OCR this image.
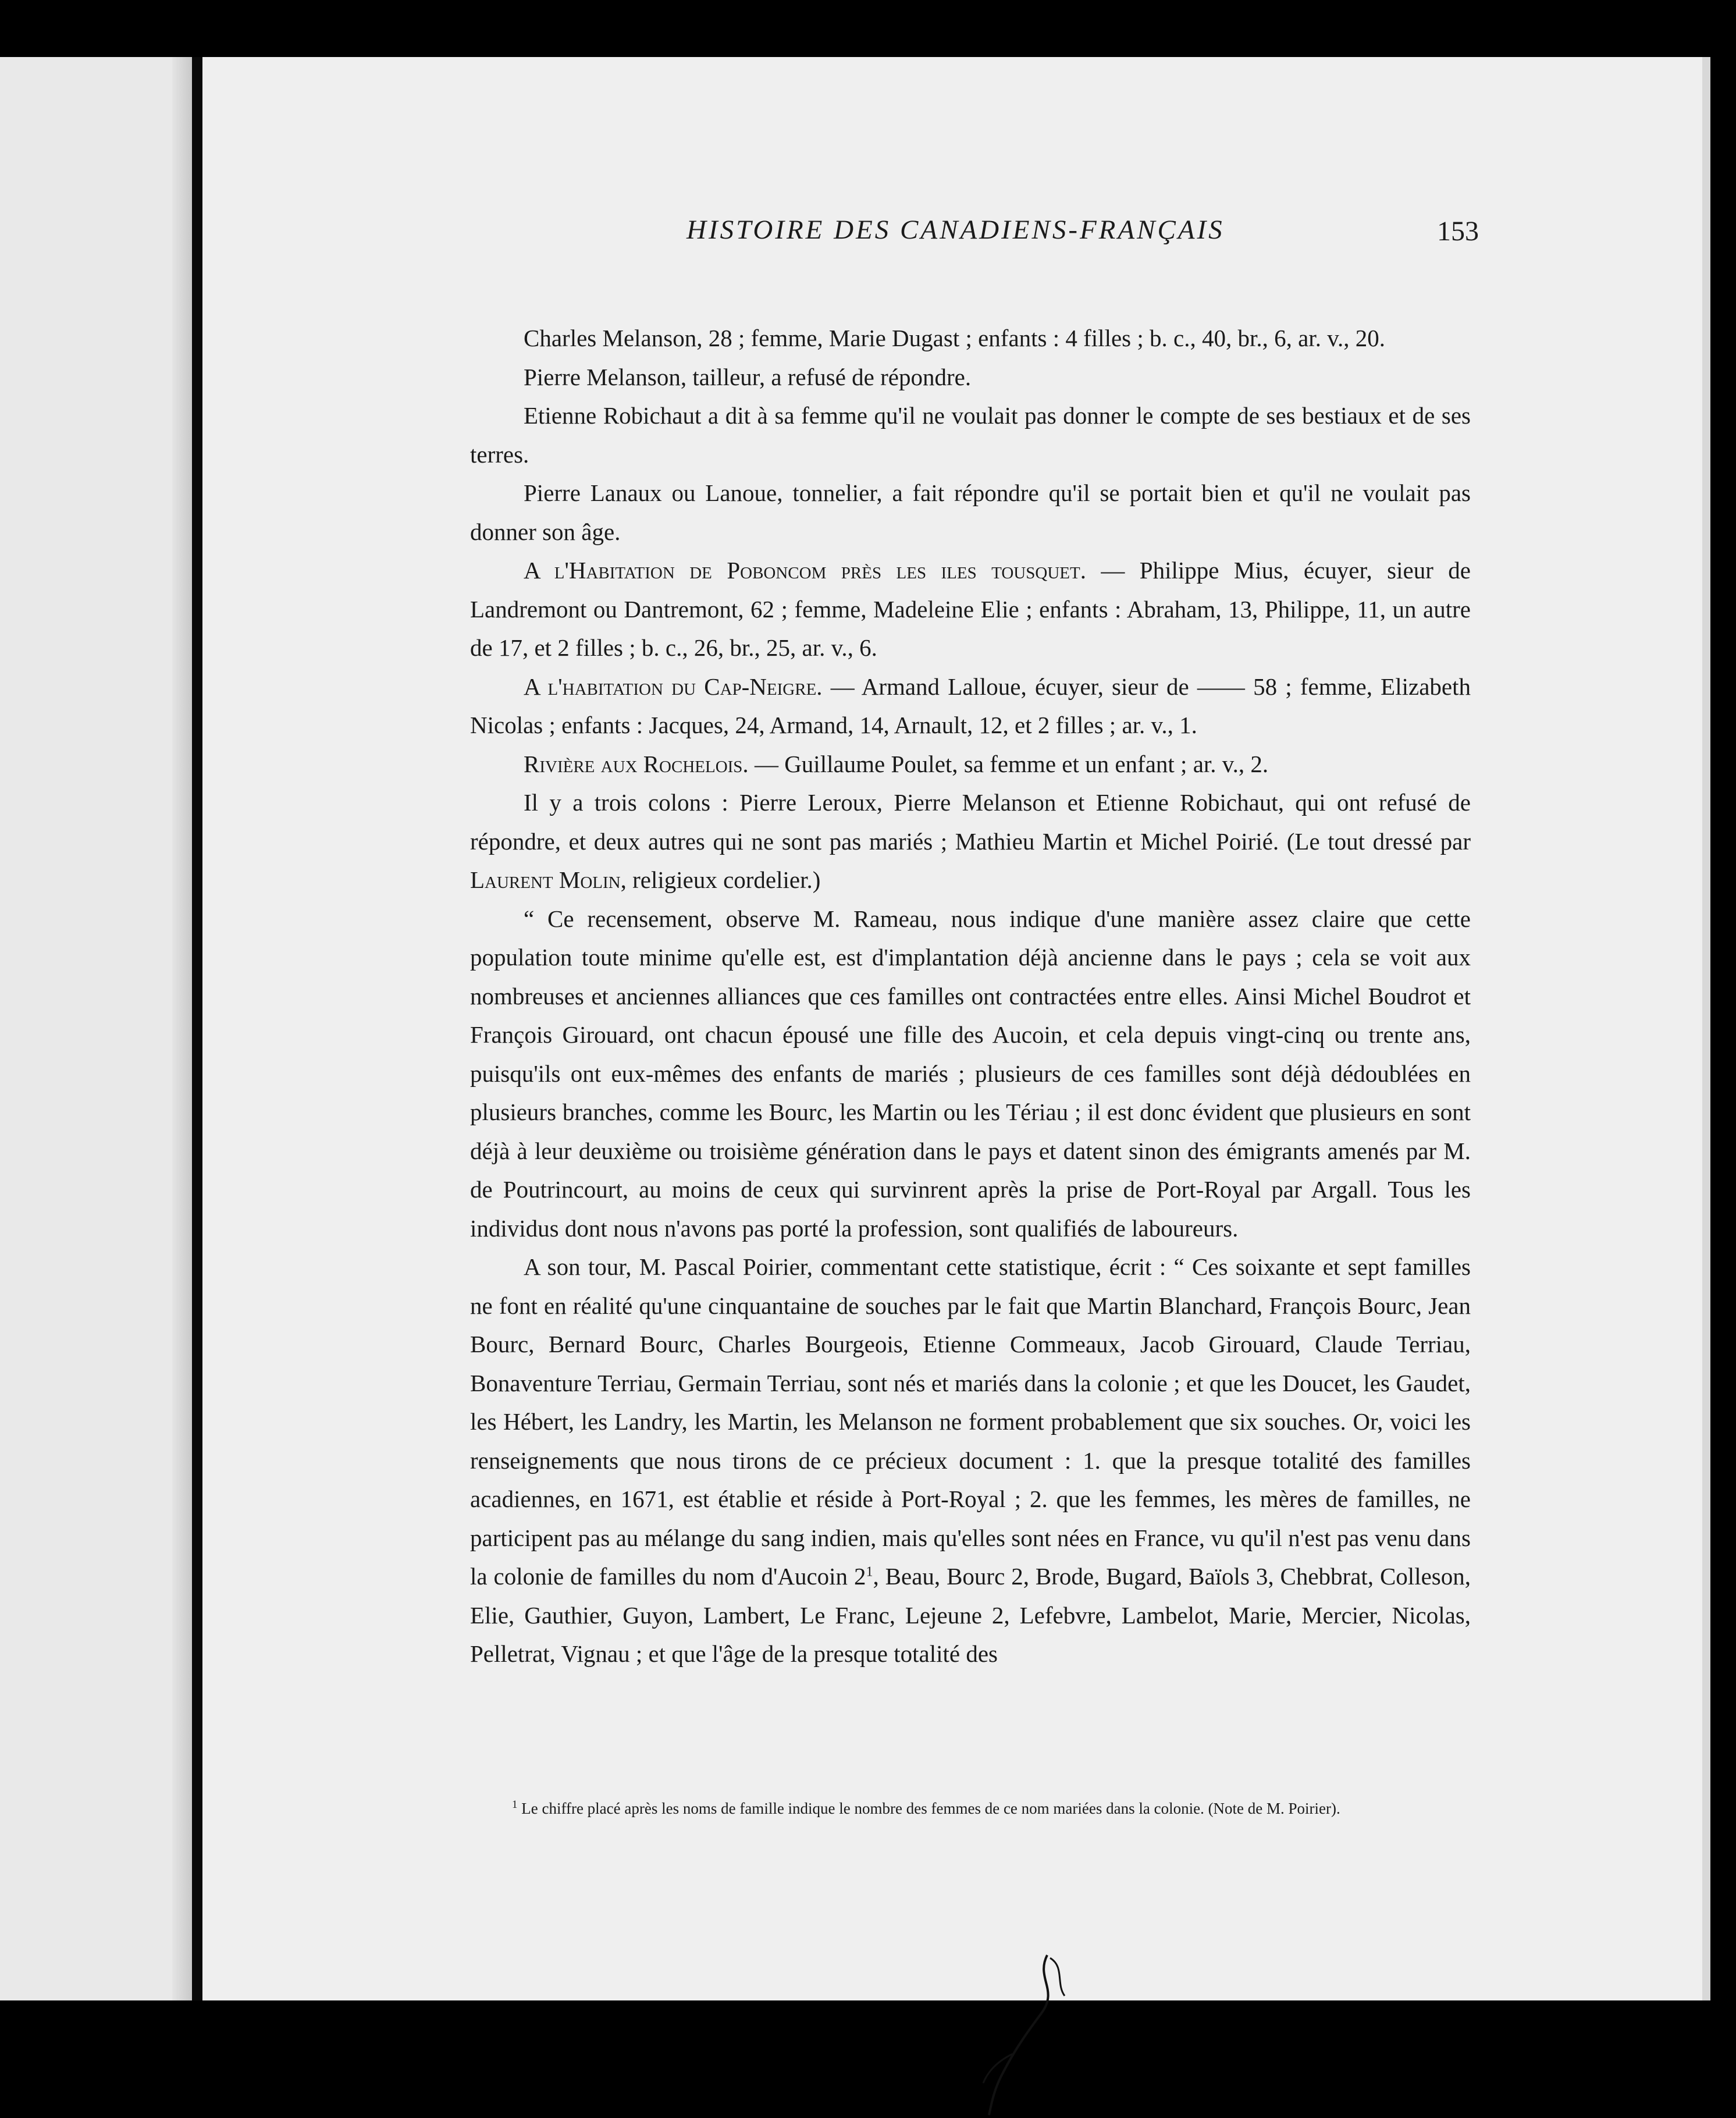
HISTOIRE DES CANADIENS-FRANÇAIS	153

Charles Melanson, 28 ; femme, Marie Dugast ; enfants : 4 filles ; b. c., 40, br., 6, ar. v., 20.

Pierre Melanson, tailleur, a refusé de répondre.

Etienne Robichaut a dit à sa femme qu'il ne voulait pas donner le compte de ses bestiaux et de ses terres.

Pierre Lanaux ou Lanoue, tonnelier, a fait répondre qu'il se portait bien et qu'il ne voulait pas donner son âge.

A l'Habitation de Poboncom près les iles tousquet. — Philippe Mius, écuyer, sieur de Landremont ou Dantremont, 62 ; femme, Madeleine Elie ; enfants : Abraham, 13, Philippe, 11, un autre de 17, et 2 filles ; b. c., 26, br., 25, ar. v., 6.

A l'habitation du Cap-Neigre. — Armand Lalloue, écuyer, sieur de —— 58 ; femme, Elizabeth Nicolas ; enfants : Jacques, 24, Armand, 14, Arnault, 12, et 2 filles ; ar. v., 1.

Rivière aux Rochelois. — Guillaume Poulet, sa femme et un enfant ; ar. v., 2.

Il y a trois colons : Pierre Leroux, Pierre Melanson et Etienne Robichaut, qui ont refusé de répondre, et deux autres qui ne sont pas mariés ; Mathieu Martin et Michel Poirié. (Le tout dressé par Laurent Molin, religieux cordelier.)

“ Ce recensement, observe M. Rameau, nous indique d'une manière assez claire que cette population toute minime qu'elle est, est d'implantation déjà ancienne dans le pays ; cela se voit aux nombreuses et anciennes alliances que ces familles ont contractées entre elles. Ainsi Michel Boudrot et François Girouard, ont chacun épousé une fille des Aucoin, et cela depuis vingt-cinq ou trente ans, puisqu'ils ont eux-mêmes des enfants de mariés ; plusieurs de ces familles sont déjà dédoublées en plusieurs branches, comme les Bourc, les Martin ou les Tériau ; il est donc évident que plusieurs en sont déjà à leur deuxième ou troisième génération dans le pays et datent sinon des émigrants amenés par M. de Poutrincourt, au moins de ceux qui survinrent après la prise de Port-Royal par Argall. Tous les individus dont nous n'avons pas porté la profession, sont qualifiés de laboureurs.

A son tour, M. Pascal Poirier, commentant cette statistique, écrit : “ Ces soixante et sept familles ne font en réalité qu'une cinquantaine de souches par le fait que Martin Blanchard, François Bourc, Jean Bourc, Bernard Bourc, Charles Bourgeois, Etienne Commeaux, Jacob Girouard, Claude Terriau, Bonaventure Terriau, Germain Terriau, sont nés et mariés dans la colonie ; et que les Doucet, les Gaudet, les Hébert, les Landry, les Martin, les Melanson ne forment probablement que six souches. Or, voici les renseignements que nous tirons de ce précieux document : 1. que la presque totalité des familles acadiennes, en 1671, est établie et réside à Port-Royal ; 2. que les femmes, les mères de familles, ne participent pas au mélange du sang indien, mais qu'elles sont nées en France, vu qu'il n'est pas venu dans la colonie de familles du nom d'Aucoin $2^1$, Beau, Bourc 2, Brode, Bugard, Baïols 3, Chebbrat, Colleson, Elie, Gauthier, Guyon, Lambert, Le Franc, Lejeune 2, Lefebvre, Lambelot, Marie, Mercier, Nicolas, Pelletrat, Vignau ; et que l'âge de la presque totalité des

$^1$ Le chiffre placé après les noms de famille indique le nombre des femmes de ce nom mariées dans la colonie. (Note de M. Poirier).
